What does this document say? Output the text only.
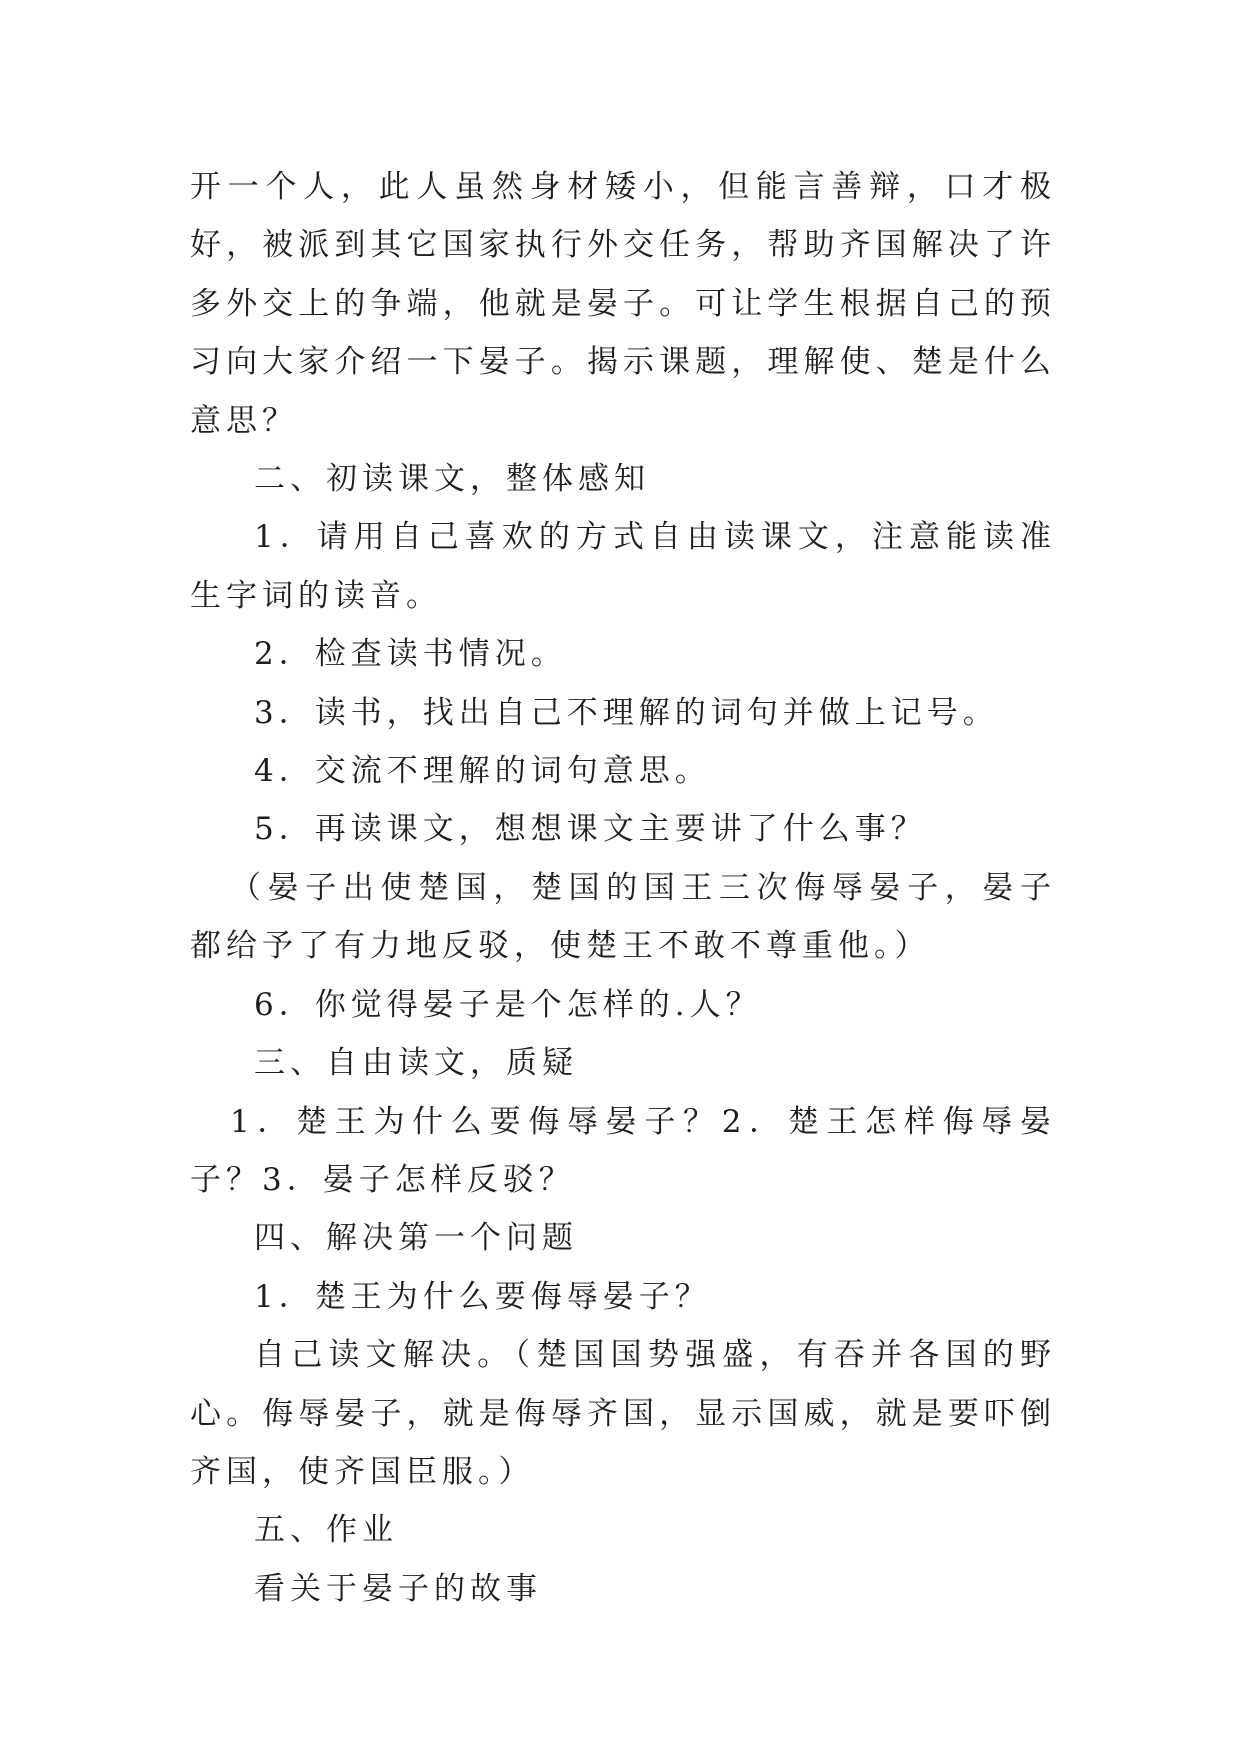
开一个人，此人虽然身材矮小，但能言善辩，口才极好，被派到其它国家执行外交任务，帮助齐国解决了许多外交上的争端，他就是晏子。可让学生根据自己的预习向大家介绍一下晏子。揭示课题，理解使、楚是什么意思？

二、初读课文，整体感知

1．请用自己喜欢的方式自由读课文，注意能读准生字词的读音。

2．检查读书情况。

3．读书，找出自己不理解的词句并做上记号。

4．交流不理解的词句意思。

5．再读课文，想想课文主要讲了什么事？

（晏子出使楚国，楚国的国王三次侮辱晏子，晏子都给予了有力地反驳，使楚王不敢不尊重他。）

6．你觉得晏子是个怎样的.人？

三、自由读文，质疑

1．楚王为什么要侮辱晏子？2．楚王怎样侮辱晏子？3．晏子怎样反驳？

四、解决第一个问题

1．楚王为什么要侮辱晏子？

自己读文解决。（楚国国势强盛，有吞并各国的野心。侮辱晏子，就是侮辱齐国，显示国威，就是要吓倒齐国，使齐国臣服。）

五、作业

看关于晏子的故事
